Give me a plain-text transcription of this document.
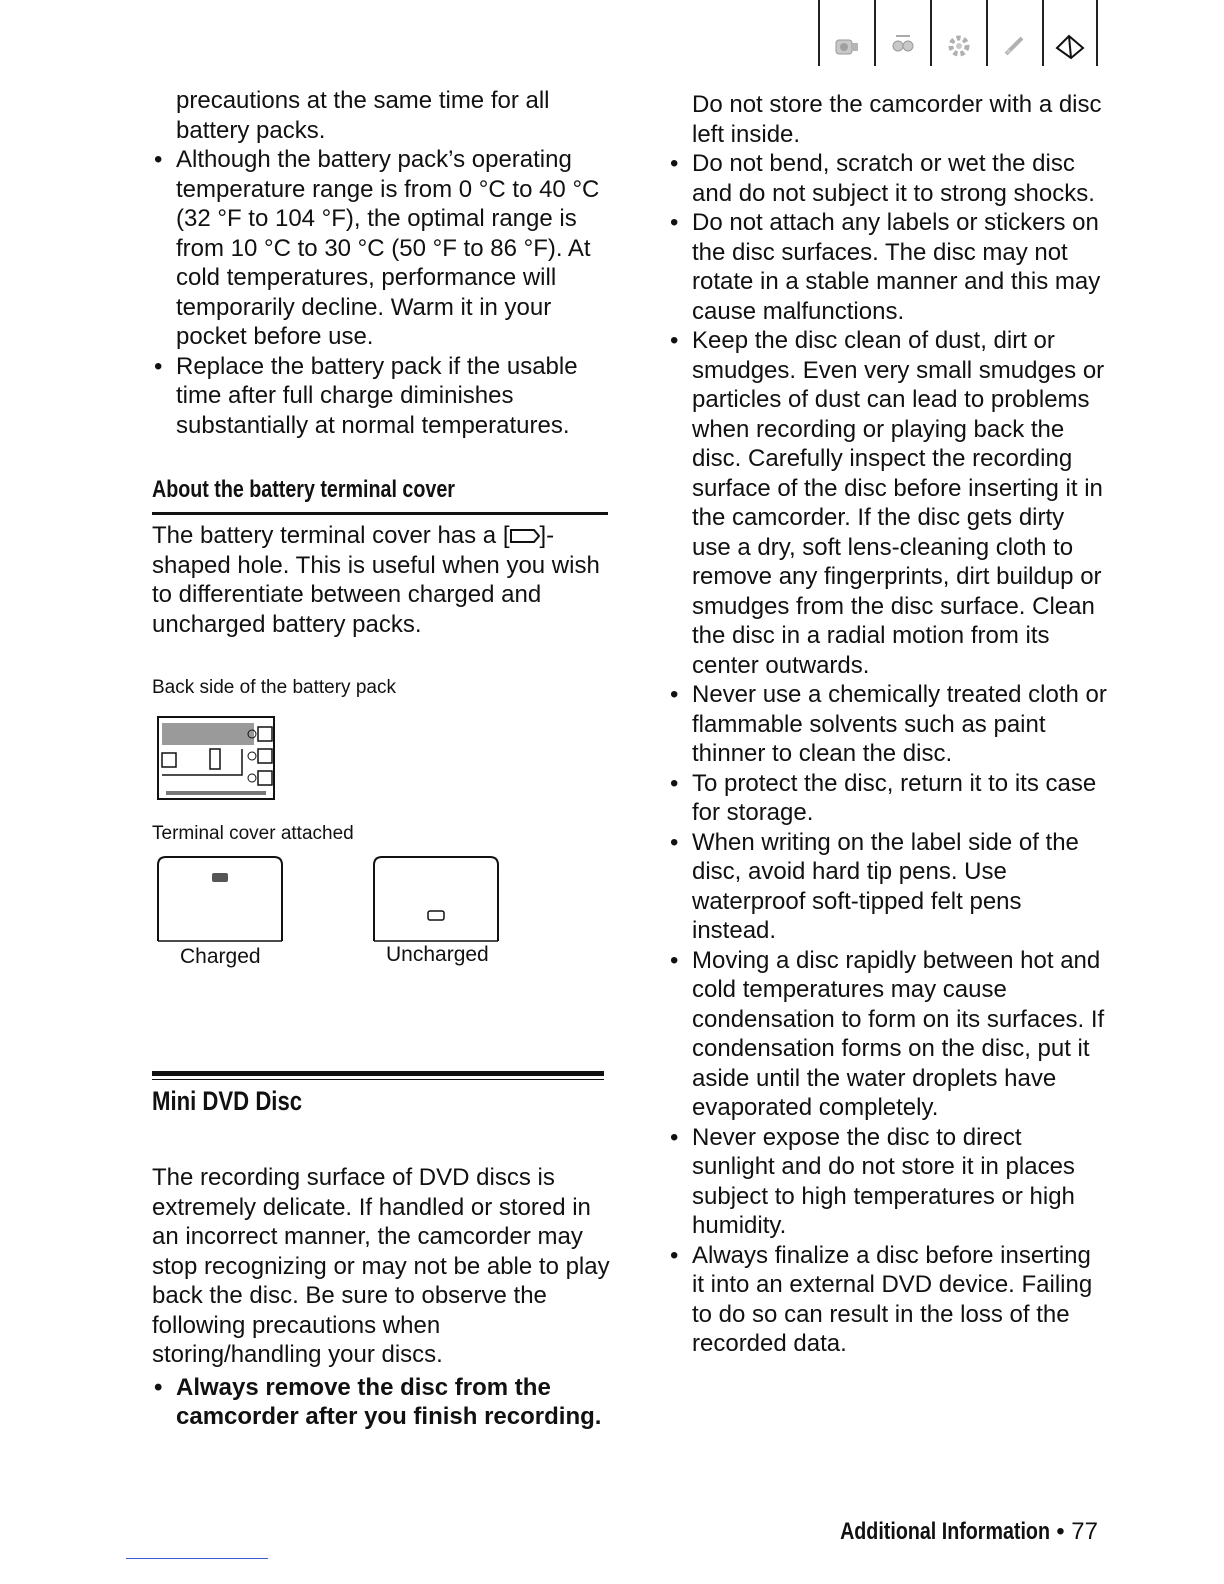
precautions at the same time for all battery packs.

• Although the battery pack’s operating temperature range is from 0 °C to 40 °C (32 °F to 104 °F), the optimal range is from 10 °C to 30 °C (50 °F to 86 °F). At cold temperatures, performance will temporarily decline. Warm it in your pocket before use.
• Replace the battery pack if the usable time after full charge diminishes substantially at normal temperatures.
About the battery terminal cover

The battery terminal cover has a [ ]-shaped hole. This is useful when you wish to differentiate between charged and uncharged battery packs.

Back side of the battery pack
Terminal cover attached
Charged	Uncharged
Mini DVD Disc

The recording surface of DVD discs is extremely delicate. If handled or stored in an incorrect manner, the camcorder may stop recognizing or may not be able to play back the disc. Be sure to observe the following precautions when storing/handling your discs.

• Always remove the disc from the camcorder after you finish recording.

Do not store the camcorder with a disc left inside.

• Do not bend, scratch or wet the disc and do not subject it to strong shocks.
• Do not attach any labels or stickers on the disc surfaces. The disc may not rotate in a stable manner and this may cause malfunctions.
• Keep the disc clean of dust, dirt or smudges. Even very small smudges or particles of dust can lead to problems when recording or playing back the disc. Carefully inspect the recording surface of the disc before inserting it in the camcorder. If the disc gets dirty use a dry, soft lens-cleaning cloth to remove any fingerprints, dirt buildup or smudges from the disc surface. Clean the disc in a radial motion from its center outwards.
• Never use a chemically treated cloth or flammable solvents such as paint thinner to clean the disc.
• To protect the disc, return it to its case for storage.
• When writing on the label side of the disc, avoid hard tip pens. Use waterproof soft-tipped felt pens instead.
• Moving a disc rapidly between hot and cold temperatures may cause condensation to form on its surfaces. If condensation forms on the disc, put it aside until the water droplets have evaporated completely.
• Never expose the disc to direct sunlight and do not store it in places subject to high temperatures or high humidity.
• Always finalize a disc before inserting it into an external DVD device. Failing to do so can result in the loss of the recorded data.
Additional Information • 77
